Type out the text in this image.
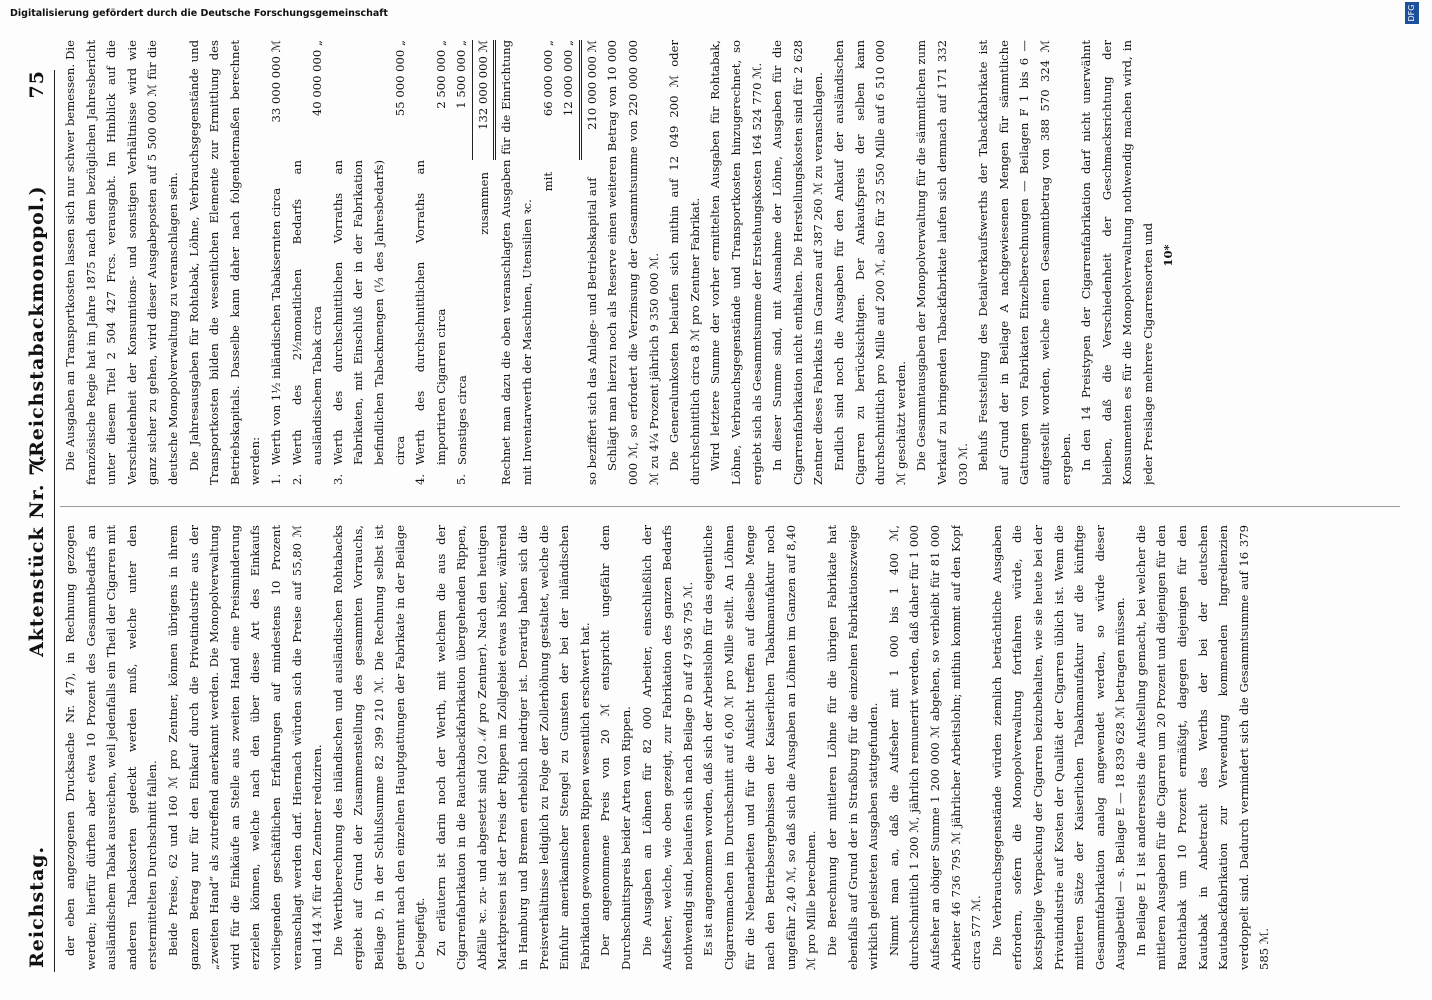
Reichstag.
Aktenstück Nr. 7.
(Reichstabackmonopol.)
75

der eben angezogenen Drucksache Nr. 47), in Rechnung gezogen werden; hierfür dürften aber etwa 10 Prozent des Gesammtbedarfs an ausländischem Tabak ausreichen, weil jedenfalls ein Theil der Cigarren mit anderen Tabacksorten gedeckt werden muß, welche unter den erstermittelten Durchschnitt fallen. Beide Preise, 62 und 160 ℳ pro Zentner, können übrigens in ihrem ganzen Betrag nur für den Einkauf durch die Privatindustrie aus der „zweiten Hand“ als zutreffend anerkannt werden. Die Monopolverwaltung wird für die Einkäufe an Stelle aus zweiten Hand eine Preisminderung erzielen können, welche nach den über diese Art des Einkaufs vorliegenden geschäftlichen Erfahrungen auf mindestens 10 Prozent veranschlagt werden darf. Hiernach würden sich die Preise auf 55,80 ℳ und 144 ℳ für den Zentner reduziren. Die Werthberechnung des inländischen und ausländischen Rohtabacks ergiebt auf Grund der Zusammenstellung des gesammten Vorrauchs, Beilage D, in der Schlußsumme 82 399 210 ℳ. Die Rechnung selbst ist getrennt nach den einzelnen Hauptgattungen der Fabrikate in der Beilage C beigefügt. Zu erläutern ist darin noch der Werth, mit welchem die aus der Cigarrenfabrikation in die Rauchtabackfabrikation übergehenden Rippen, Abfälle ꝛc. zu- und abgesetzt sind (20 ℳ pro Zentner). Nach den heutigen Marktpreisen ist der Preis der Rippen im Zollgebiet etwas höher, während in Hamburg und Bremen erheblich niedriger ist. Derartig haben sich die Preisverhältnisse lediglich zu Folge der Zollerhöhung gestaltet, welche die Einfuhr amerikanischer Stengel zu Gunsten der bei der inländischen Fabrikation gewonnenen Rippen wesentlich erschwert hat. Der angenommene Preis von 20 ℳ entspricht ungefähr dem Durchschnittspreis beider Arten von Rippen. Die Ausgaben an Löhnen für 82 000 Arbeiter, einschließlich der Aufseher, welche, wie oben gezeigt, zur Fabrikation des ganzen Bedarfs nothwendig sind, belaufen sich nach Beilage D auf 47 936 795 ℳ. Es ist angenommen worden, daß sich der Arbeitslohn für das eigentliche Cigarrenmachen im Durchschnitt auf 6,00 ℳ pro Mille stellt. An Löhnen für die Nebenarbeiten und für die Aufsicht treffen auf dieselbe Menge nach den Betriebsergebnissen der Kaiserlichen Tabakmanufaktur noch ungefähr 2,40 ℳ, so daß sich die Ausgaben an Löhnen im Ganzen auf 8,40 ℳ pro Mille berechnen. Die Berechnung der mittleren Löhne für die übrigen Fabrikate hat ebenfalls auf Grund der in Straßburg für die einzelnen Fabrikationszweige wirklich geleisteten Ausgaben stattgefunden. Nimmt man an, daß die Aufseher mit 1 000 bis 1 400 ℳ, durchschnittlich 1 200 ℳ, jährlich remunerirt werden, daß daher für 1 000 Aufseher an obiger Summe 1 200 000 ℳ abgehen, so verbleibt für 81 000 Arbeiter 46 736 795 ℳ jährlicher Arbeitslohn; mithin kommt auf den Kopf circa 577 ℳ. Die Verbrauchsgegenstände würden ziemlich beträchtliche Ausgaben erfordern, sofern die Monopolverwaltung fortfahren würde, die kostspielige Verpackung der Cigarren beizubehalten, wie sie heute bei der Privatindustrie auf Kosten der Qualität der Cigarren üblich ist. Wenn die mittleren Sätze der Kaiserlichen Tabakmanufaktur auf die künftige Gesammtfabrikation analog angewendet werden, so würde dieser Ausgabetitel — s. Beilage E — 18 839 628 ℳ betragen müssen. In Beilage E 1 ist andererseits die Aufstellung gemacht, bei welcher die mittleren Ausgaben für die Cigarren um 20 Prozent und diejenigen für den Rauchtabak um 10 Prozent ermäßigt, dagegen diejenigen für den Kautabak in Anbetracht des Werths der bei der deutschen Kautabackfabrikation zur Verwendung kommenden Ingredienzien verdoppelt sind. Dadurch vermindert sich die Gesammtsumme auf 16 379 585 ℳ.

Die Ausgaben an Transportkosten lassen sich nur schwer bemessen. Die französische Regie hat im Jahre 1875 nach dem bezüglichen Jahresbericht unter diesem Titel 2 504 427 Frcs. verausgabt. Im Hinblick auf die Verschiedenheit der Konsumtions- und sonstigen Verhältnisse wird wie ganz sicher zu gehen, wird dieser Ausgabeposten auf 5 500 000 ℳ für die deutsche Monopolverwaltung zu veranschlagen sein. Die Jahresausgaben für Rohtabak, Löhne, Verbrauchsgegenstände und Transportkosten bilden die wesentlichen Elemente zur Ermittlung des Betriebskapitals. Dasselbe kann daher nach folgendermaßen berechnet werden: 1.	Werth von 1½ inländischen Tabaksernten circa	33 000 000 ℳ
2.	Werth des 2½monatlichen Bedarfs an ausländischem Tabak circa	40 000 000 „
3.	Werth des durchschnittlichen Vorraths an Fabrikaten, mit Einschluß der in der Fabrikation befindlichen Tabackmengen (⅓ des Jahresbedarfs) circa	55 000 000 „
4.	Werth des durchschnittlichen Vorraths an importirten Cigarren circa	2 500 000 „
5.	Sonstiges circa	1 500 000 „
	zusammen	132 000 000 ℳ Rechnet man dazu die oben veranschlagten Ausgaben für die Einrichtung mit Inventarwerth der Maschinen, Utensilien ꝛc.

mit	66 000 000 „
	12 000 000 „
so beziffert sich das Anlage- und Betriebskapital auf	210 000 000 ℳ Schlägt man hierzu noch als Reserve einen weiteren Betrag von 10 000 000 ℳ, so erfordert die Verzinsung der Gesammtsumme von 220 000 000 ℳ zu 4¼ Prozent jährlich 9 350 000 ℳ. Die Generalunkosten belaufen sich mithin auf 12 049 200 ℳ oder durchschnittlich circa 8 ℳ pro Zentner Fabrikat. Wird letztere Summe der vorher ermittelten Ausgaben für Rohtabak, Löhne, Verbrauchsgegenstände und Transportkosten hinzugerechnet, so ergiebt sich als Gesammtsumme der Erstehungskosten 164 524 770 ℳ. In dieser Summe sind, mit Ausnahme der Löhne, Ausgaben für die Cigarrenfabrikation nicht enthalten. Die Herstellungskosten sind für 2 628 Zentner dieses Fabrikats im Ganzen auf 387 260 ℳ zu veranschlagen. Endlich sind noch die Ausgaben für den Ankauf der ausländischen Cigarren zu berücksichtigen. Der Ankaufspreis der selben kann durchschnittlich pro Mille auf 200 ℳ, also für 32 550 Mille auf 6 510 000 ℳ geschätzt werden. Die Gesammtausgaben der Monopolverwaltung für die sämmtlichen zum Verkauf zu bringenden Tabackfabrikate laufen sich demnach auf 171 332 030 ℳ. Behufs Feststellung des Detailverkaufswerths der Tabackfabrikate ist auf Grund der in Beilage A nachgewiesenen Mengen für sämmtliche Gattungen von Fabrikaten Einzelberechnungen — Beilagen F 1 bis 6 — aufgestellt worden, welche einen Gesammtbetrag von 388 570 324 ℳ ergeben. In den 14 Preistypen der Cigarrenfabrikation darf nicht unerwähnt bleiben, daß die Verschiedenheit der Geschmacksrichtung der Konsumenten es für die Monopolverwaltung nothwendig machen wird, in jeder Preislage mehrere Cigarrensorten und 10*

Digitalisierung gefördert durch die Deutsche Forschungsgemeinschaft	DFG
